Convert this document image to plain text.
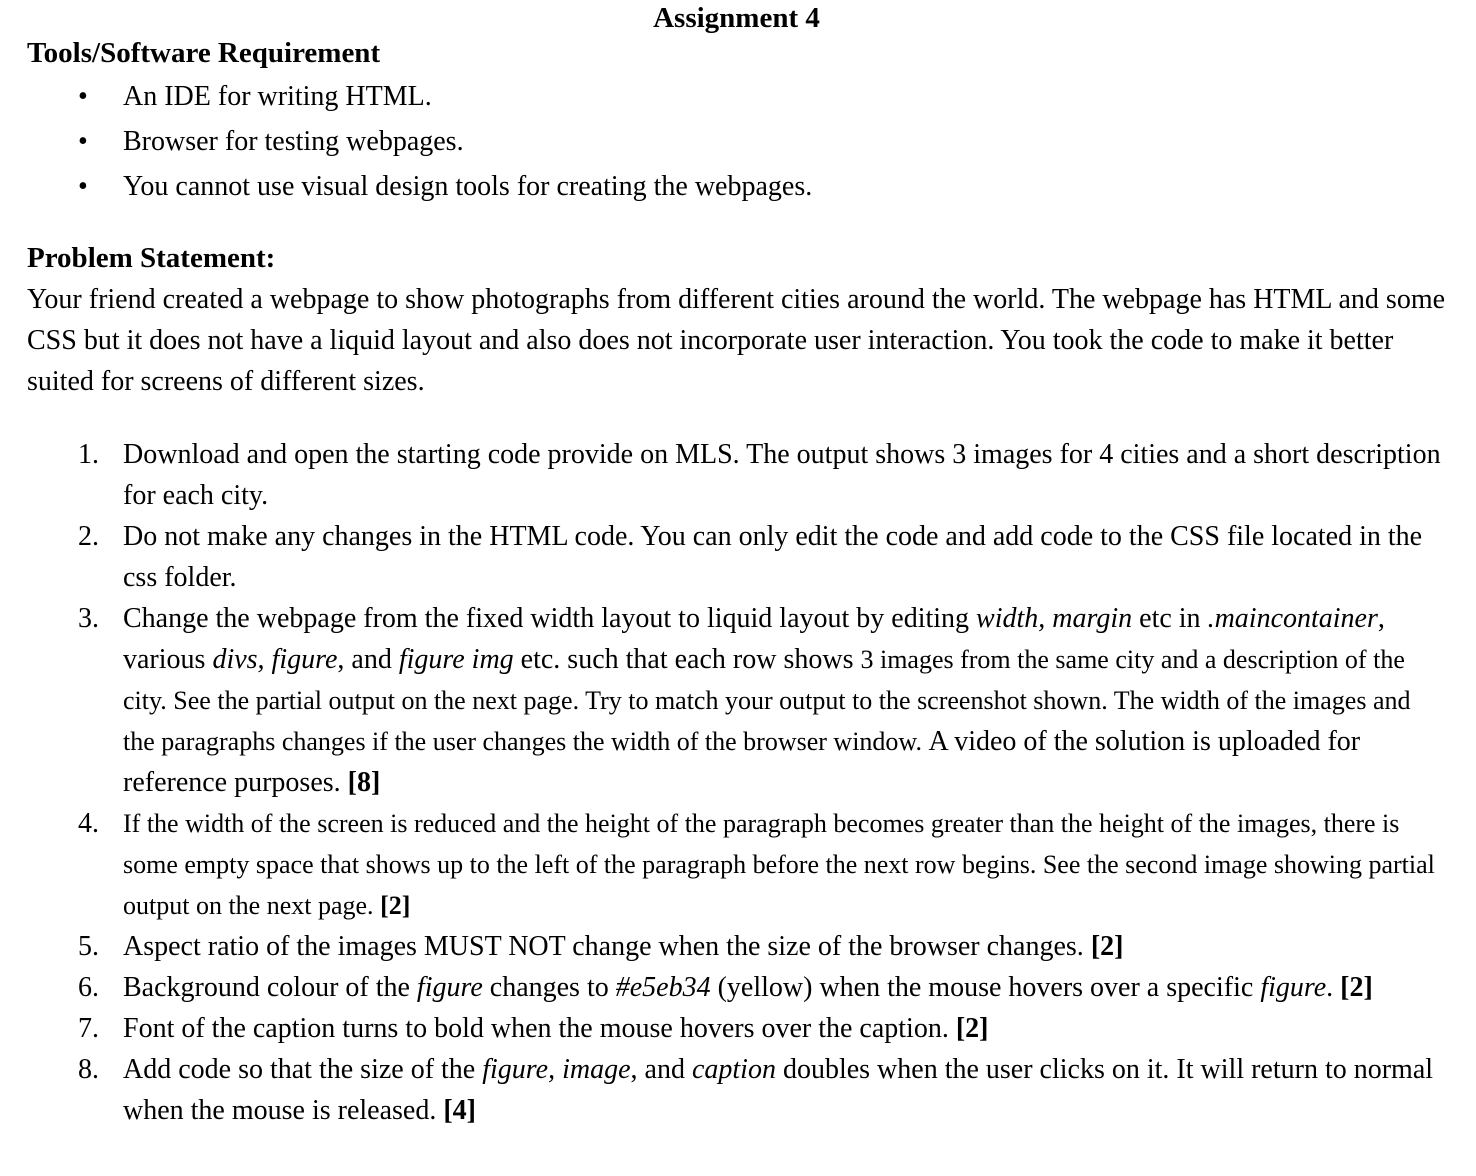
Assignment 4
Tools/Software Requirement
•	An IDE for writing HTML.
•	Browser for testing webpages.
•	You cannot use visual design tools for creating the webpages.
Problem Statement:

Your friend created a webpage to show photographs from different cities around the world. The webpage has HTML and some CSS but it does not have a liquid layout and also does not incorporate user interaction. You took the code to make it better suited for screens of different sizes.

1. Download and open the starting code provide on MLS. The output shows 3 images for 4 cities and a short description for each city.
2. Do not make any changes in the HTML code. You can only edit the code and add code to the CSS file located in the css folder.
3. Change the webpage from the fixed width layout to liquid layout by editing width, margin etc in .maincontainer, various divs, figure, and figure img etc. such that each row shows 3 images from the same city and a description of the city. See the partial output on the next page. Try to match your output to the screenshot shown. The width of the images and the paragraphs changes if the user changes the width of the browser window. A video of the solution is uploaded for reference purposes. [8]
4. If the width of the screen is reduced and the height of the paragraph becomes greater than the height of the images, there is some empty space that shows up to the left of the paragraph before the next row begins. See the second image showing partial output on the next page. [2]
5. Aspect ratio of the images MUST NOT change when the size of the browser changes. [2]
6. Background colour of the figure changes to #e5eb34 (yellow) when the mouse hovers over a specific figure. [2]
7. Font of the caption turns to bold when the mouse hovers over the caption. [2]
8. Add code so that the size of the figure, image, and caption doubles when the user clicks on it. It will return to normal when the mouse is released. [4]
